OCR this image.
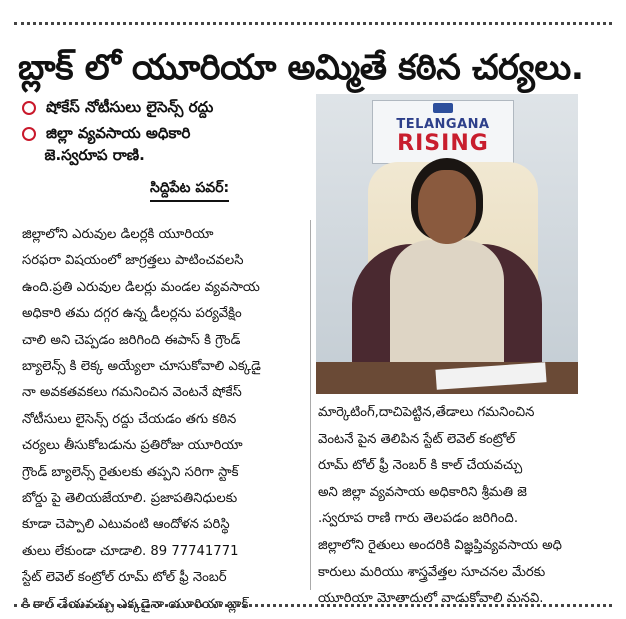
బ్లాక్ లో యూరియా అమ్మితే కఠిన చర్యలు.
షోకేస్ నోటీసులు లైసెన్స్ రద్దు
జిల్లా వ్యవసాయ అధికారి
జె.స్వరూప రాణి.
సిద్దిపేట పవర్:
జిల్లాలోని ఎరువుల డిలర్లకి యూరియా
సరఫరా విషయంలో జాగ్రత్తలు పాటించవలసి
ఉంది.ప్రతి ఎరువుల డిలర్లు మండల వ్యవసాయ
అధికారి తమ దగ్గర ఉన్న డీలర్లను పర్యవేక్షిం
చాలి అని చెప్పడం జరిగింది ఈపాస్ కి గ్రౌండ్
బ్యాలెన్స్ కి లెక్క అయ్యేలా చూసుకోవాలి ఎక్కడై
నా అవకతవకలు గమనించిన వెంటనే షోకేస్
నోటీసులు లైసెన్స్ రద్దు చేయడం తగు కఠిన
చర్యలు తీసుకోబడును ప్రతిరోజు యూరియా
గ్రౌండ్ బ్యాలెన్స్ రైతులకు తప్పని సరిగా స్టాక్
బోర్డు పై తెలియజేయాలి. ప్రజాపతినిధులకు
కూడా చెప్పాలి ఎటువంటి ఆందోళన పరిస్థి
తులు లేకుండా చూడాలి. 89 77741771
స్టేట్ లెవెల్ కంట్రోల్ రూమ్ టోల్ ఫ్రీ నెంబర్
కి కాల్ చేయవచ్చు ఎక్కడైనా యూరియా బ్లాక్
TELANGANA
RISING
మార్కెటింగ్,దాచిపెట్టిన,తేడాలు గమనించిన
వెంటనే పైన తెలిపిన స్టేట్ లెవెల్ కంట్రోల్
రూమ్ టోల్ ఫ్రీ నెంబర్ కి కాల్ చేయవచ్చు
అని జిల్లా వ్యవసాయ అధికారిని శ్రీమతి జె
.స్వరూప రాణి గారు తెలపడం జరిగింది.
జిల్లాలోని రైతులు అందరికి విజ్ఞప్తివ్యవసాయ అధి
కారులు మరియు శాస్త్రవేత్తల సూచనల మేరకు
యూరియా మోతాదులో వాడుకోవాలి మనవి.
